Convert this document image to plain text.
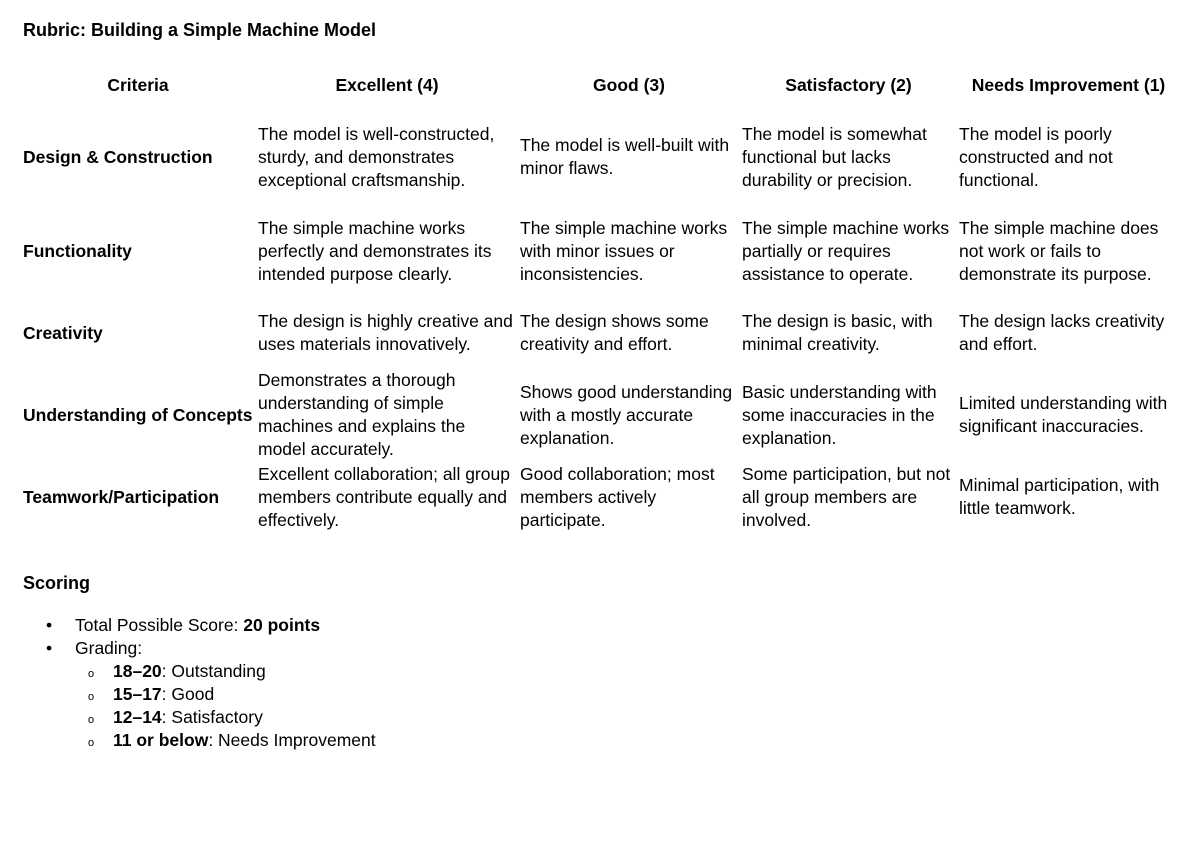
Rubric: Building a Simple Machine Model
Criteria	Excellent (4)	Good (3)	Satisfactory (2)	Needs Improvement (1)
Design & Construction	The model is well-constructed, sturdy, and demonstrates exceptional craftsmanship.	The model is well-built with minor flaws.	The model is somewhat functional but lacks durability or precision.	The model is poorly constructed and not functional.
Functionality	The simple machine works perfectly and demonstrates its intended purpose clearly.	The simple machine works with minor issues or inconsistencies.	The simple machine works partially or requires assistance to operate.	The simple machine does not work or fails to demonstrate its purpose.
Creativity	The design is highly creative and uses materials innovatively.	The design shows some creativity and effort.	The design is basic, with minimal creativity.	The design lacks creativity and effort.
Understanding of Concepts	Demonstrates a thorough understanding of simple machines and explains the model accurately.	Shows good understanding with a mostly accurate explanation.	Basic understanding with some inaccuracies in the explanation.	Limited understanding with significant inaccuracies.
Teamwork/Participation	Excellent collaboration; all group members contribute equally and effectively.	Good collaboration; most members actively participate.	Some participation, but not all group members are involved.	Minimal participation, with little teamwork.
Scoring
• Total Possible Score: 20 points
• Grading:
o 18–20: Outstanding
o 15–17: Good
o 12–14: Satisfactory
o 11 or below: Needs Improvement
